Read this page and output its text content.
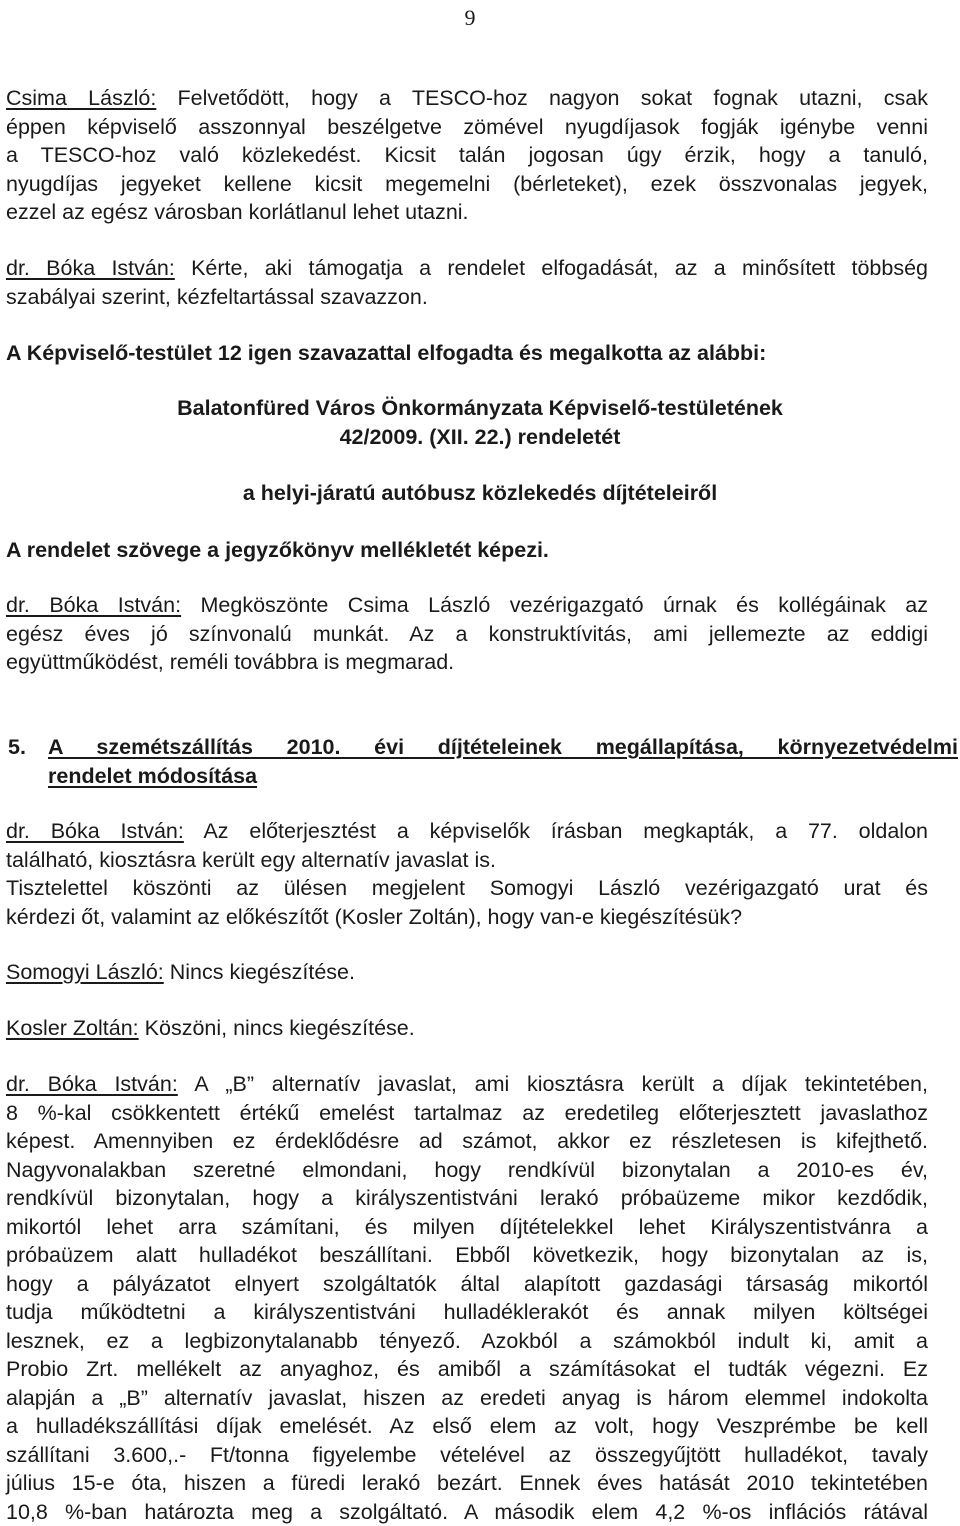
9

Csima László: Felvetődött, hogy a TESCO-hoz nagyon sokat fognak utazni, csak

éppen képviselő asszonnyal beszélgetve zömével nyugdíjasok fogják igénybe venni

a TESCO-hoz való közlekedést. Kicsit talán jogosan úgy érzik, hogy a tanuló,

nyugdíjas jegyeket kellene kicsit megemelni (bérleteket), ezek összvonalas jegyek,

ezzel az egész városban korlátlanul lehet utazni.

dr. Bóka István: Kérte, aki támogatja a rendelet elfogadását, az a minősített többség

szabályai szerint, kézfeltartással szavazzon.

A Képviselő-testület 12 igen szavazattal elfogadta és megalkotta az alábbi:

Balatonfüred Város Önkormányzata Képviselő-testületének
42/2009. (XII. 22.) rendeletét
a helyi-járatú autóbusz közlekedés díjtételeiről

A rendelet szövege a jegyzőkönyv mellékletét képezi.

dr. Bóka István: Megköszönte Csima László vezérigazgató úrnak és kollégáinak az

egész éves jó színvonalú munkát. Az a konstruktívitás, ami jellemezte az eddigi

együttműködést, reméli továbbra is megmarad.

5.	A szemétszállítás 2010. évi díjtételeinek megállapítása, környezetvédelmi

rendelet módosítása

dr. Bóka István: Az előterjesztést a képviselők írásban megkapták, a 77. oldalon

található, kiosztásra került egy alternatív javaslat is.

Tisztelettel köszönti az ülésen megjelent Somogyi László vezérigazgató urat és

kérdezi őt, valamint az előkészítőt (Kosler Zoltán), hogy van-e kiegészítésük?

Somogyi László: Nincs kiegészítése.

Kosler Zoltán: Köszöni, nincs kiegészítése.

dr. Bóka István: A „B” alternatív javaslat, ami kiosztásra került a díjak tekintetében,

8 %-kal csökkentett értékű emelést tartalmaz az eredetileg előterjesztett javaslathoz

képest. Amennyiben ez érdeklődésre ad számot, akkor ez részletesen is kifejthető.

Nagyvonalakban szeretné elmondani, hogy rendkívül bizonytalan a 2010-es év,

rendkívül bizonytalan, hogy a királyszentistváni lerakó próbaüzeme mikor kezdődik,

mikortól lehet arra számítani, és milyen díjtételekkel lehet Királyszentistvánra a

próbaüzem alatt hulladékot beszállítani. Ebből következik, hogy bizonytalan az is,

hogy a pályázatot elnyert szolgáltatók által alapított gazdasági társaság mikortól

tudja működtetni a királyszentistváni hulladéklerakót és annak milyen költségei

lesznek, ez a legbizonytalanabb tényező. Azokból a számokból indult ki, amit a

Probio Zrt. mellékelt az anyaghoz, és amiből a számításokat el tudták végezni. Ez

alapján a „B” alternatív javaslat, hiszen az eredeti anyag is három elemmel indokolta

a hulladékszállítási díjak emelését. Az első elem az volt, hogy Veszprémbe be kell

szállítani 3.600,.- Ft/tonna figyelembe vételével az összegyűjtött hulladékot, tavaly

július 15-e óta, hiszen a füredi lerakó bezárt. Ennek éves hatását 2010 tekintetében

10,8 %-ban határozta meg a szolgáltató. A második elem 4,2 %-os inflációs rátával
